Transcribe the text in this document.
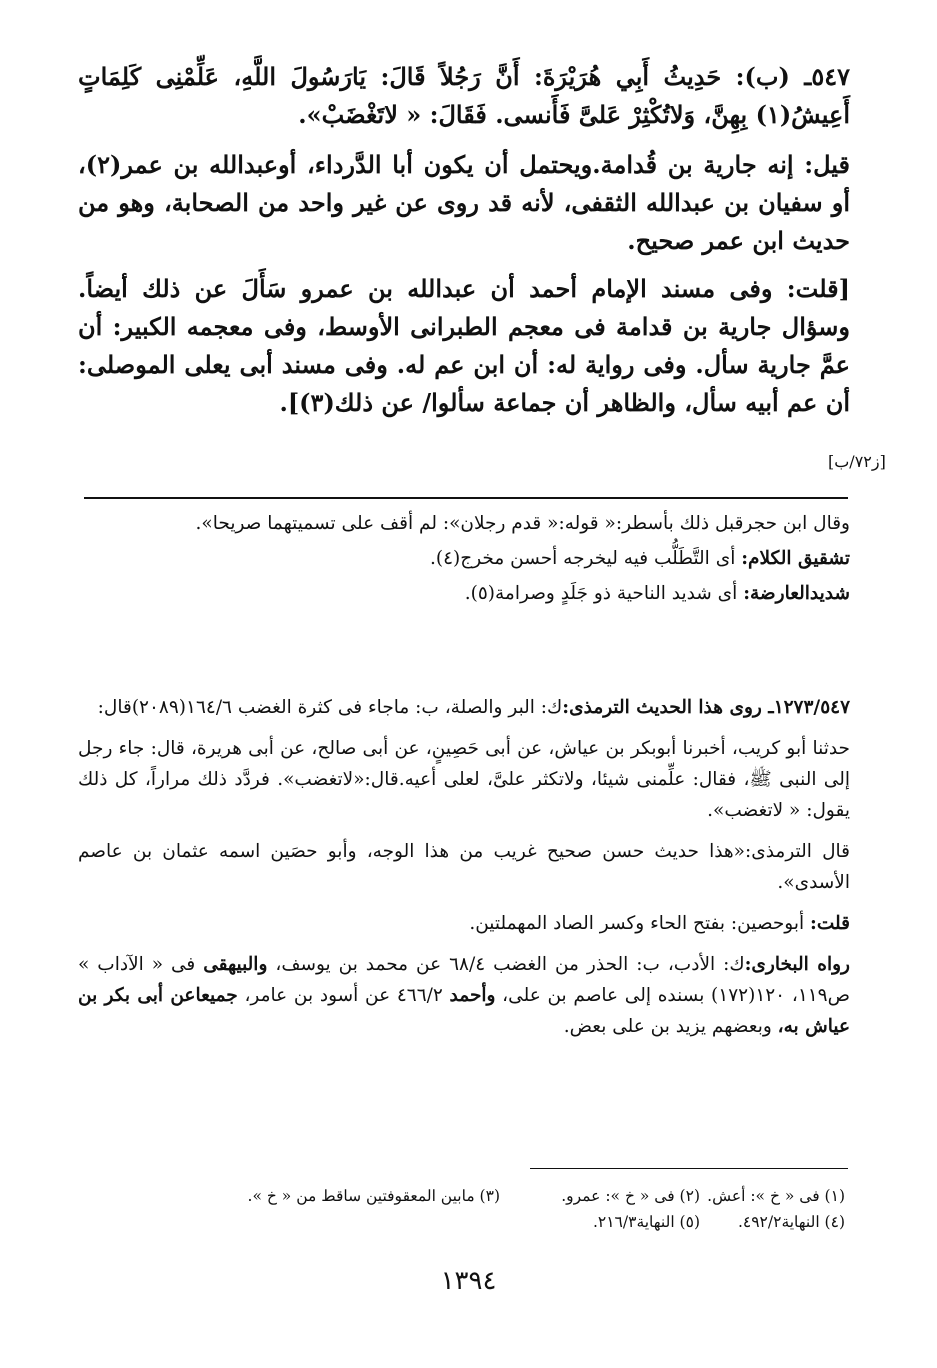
٥٤٧ـ (ب): حَدِيثُ أَبِي هُرَيْرَةَ: أَنَّ رَجُلاً قَالَ: يَارَسُولَ اللَّهِ، عَلِّمْنِى كَلِمَاتٍ أَعِيشُ(١) بِهِنَّ، وَلاتُكْثِرْ عَلىَّ فَأَنسى. فَقَالَ: « لاتَغْضَبْ».

قيل: إنه جارية بن قُدامة.ويحتمل أن يكون أبا الدَّرداء، أوعبدالله بن عمر(٢)، أو سفيان بن عبدالله الثقفى، لأنه قد روى عن غير واحد من الصحابة، وهو من حديث ابن عمر صحيح.

[قلت: وفى مسند الإمام أحمد أن عبدالله بن عمرو سَأَلَ عن ذلك أيضاً. وسؤال جارية بن قدامة فى معجم الطبرانى الأوسط، وفى معجمه الكبير: أن عمَّ جارية سأل. وفى رواية له: أن ابن عم له. وفى مسند أبى يعلى الموصلى: أن عم أبيه سأل، والظاهر أن جماعة سألوا/ عن ذلك(٣)].

[ز٧٢/ب]

وقال ابن حجرقبل ذلك بأسطر:« قوله:« قدم رجلان»: لم أقف على تسميتهما صريحا».

تشقيق الكلام: أى التَّطَلُّب فيه ليخرجه أحسن مخرج(٤).

شديدالعارضة: أى شديد الناحية ذو جَلَدٍ وصرامة(٥).

١٢٧٣/٥٤٧ـ روى هذا الحديث الترمذى:ك: البر والصلة، ب: ماجاء فى كثرة الغضب ١٦٤/٦(٢٠٨٩)قال:

حدثنا أبو كريب، أخبرنا أبوبكر بن عياش، عن أبى حَصِينٍ، عن أبى صالح، عن أبى هريرة، قال: جاء رجل إلى النبى ﷺ، فقال: علِّمنى شيئا، ولاتكثر علىَّ، لعلى أعيه.قال:«لاتغضب». فردَّد ذلك مراراً، كل ذلك يقول: « لاتغضب».

قال الترمذى:«هذا حديث حسن صحيح غريب من هذا الوجه، وأبو حصَين اسمه عثمان بن عاصم الأسدى».

قلت: أبوحصين: بفتح الحاء وكسر الصاد المهملتين.

رواه البخارى:ك: الأدب، ب: الحذر من الغضب ٦٨/٤ عن محمد بن يوسف، والبيهقى فى « الآداب » ص١١٩، ١٢٠(١٧٢) بسنده إلى عاصم بن على، وأحمد ٤٦٦/٢ عن أسود بن عامر، جميعاعن أبى بكر بن عياش به، وبعضهم يزيد بن على بعض.

(١) فى « خ »: أعش.
(٢) فى « خ »: عمرو.
(٣) مابين المعقوفتين ساقط من « خ ».
(٤) النهاية٤٩٢/٢.
(٥) النهاية٢١٦/٣.
١٣٩٤
